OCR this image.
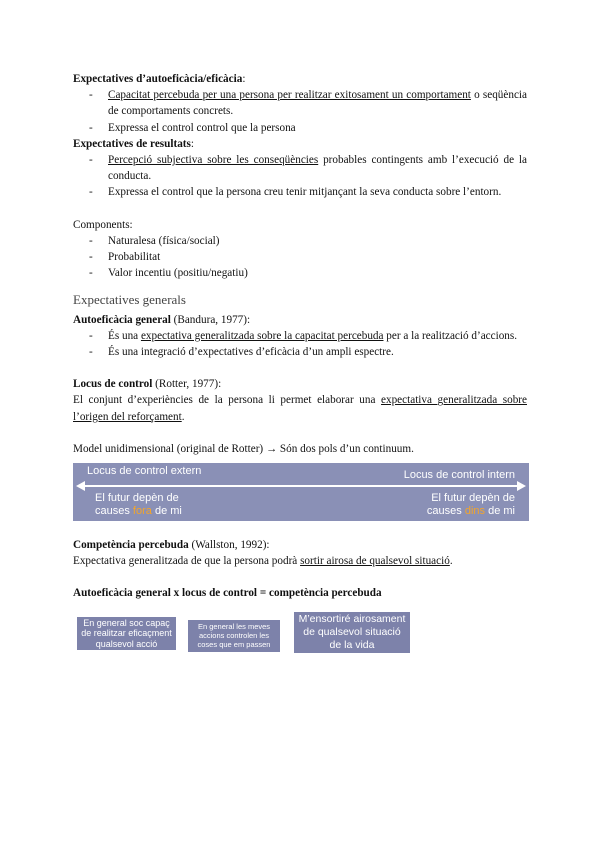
Expectatives d’autoeficàcia/eficàcia:

- Capacitat percebuda per una persona per realitzar exitosament un comportament o seqüència de comportaments concrets.
- Expressa el control control que la persona

Expectatives de resultats:

- Percepció subjectiva sobre les conseqüències probables contingents amb l’execució de la conducta.
- Expressa el control que la persona creu tenir mitjançant la seva conducta sobre l’entorn.

Components:

- Naturalesa (física/social)
- Probabilitat
- Valor incentiu (positiu/negatiu)

Expectatives generals

Autoeficàcia general (Bandura, 1977):

- És una expectativa generalitzada sobre la capacitat percebuda per a la realització d’accions.
- És una integració d’expectatives d’eficàcia d’un ampli espectre.

Locus de control (Rotter, 1977):

El conjunt d’experiències de la persona li permet elaborar una expectativa generalitzada sobre l’origen del reforçament.

Model unidimensional (original de Rotter) → Són dos pols d’un continuum.

Locus de control extern	Locus de control intern
El futur depèn de
causes fora de mi
El futur depèn de
causes dins de mi

Competència percebuda (Wallston, 1992):

Expectativa generalitzada de que la persona podrà sortir airosa de qualsevol situació.

Autoeficàcia general x locus de control = competència percebuda

En general soc capaç
de realitzar eficaçment
qualsevol acció
En general les meves
accions controlen les
coses que em passen
M’ensortiré airosament
de qualsevol situació
de la vida
